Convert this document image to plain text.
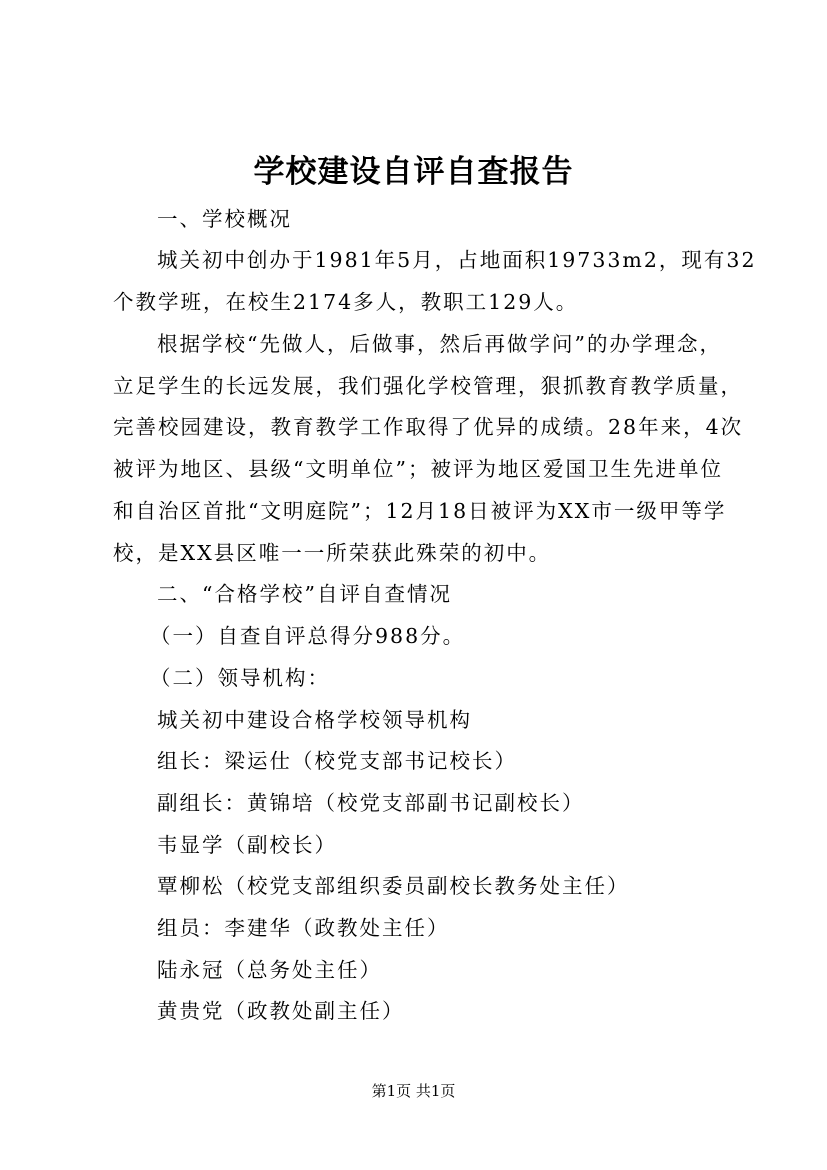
学校建设自评自查报告
一、学校概况
城关初中创办于1981年5月，占地面积19733m2，现有32
个教学班，在校生2174多人，教职工129人。
根据学校“先做人，后做事，然后再做学问”的办学理念，
立足学生的长远发展，我们强化学校管理，狠抓教育教学质量，
完善校园建设，教育教学工作取得了优异的成绩。28年来，4次
被评为地区、县级“文明单位”；被评为地区爱国卫生先进单位
和自治区首批“文明庭院”；12月18日被评为XX市一级甲等学
校，是XX县区唯一一所荣获此殊荣的初中。
二、“合格学校”自评自查情况
（一）自查自评总得分988分。
（二）领导机构：
城关初中建设合格学校领导机构
组长：梁运仕（校党支部书记校长）
副组长：黄锦培（校党支部副书记副校长）
韦显学（副校长）
覃柳松（校党支部组织委员副校长教务处主任）
组员：李建华（政教处主任）
陆永冠（总务处主任）
黄贵党（政教处副主任）
第1页 共1页
